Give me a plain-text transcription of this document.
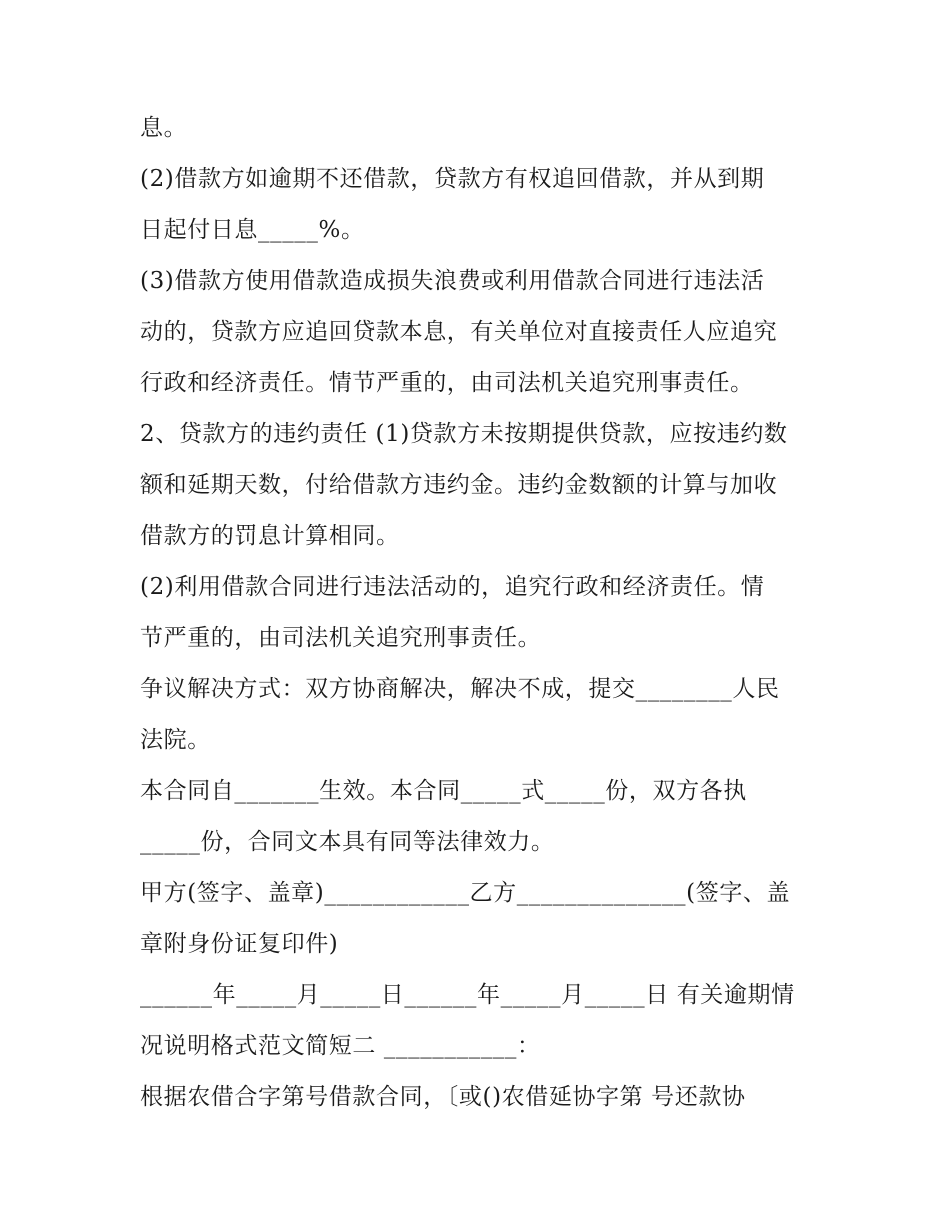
息。
(2)借款方如逾期不还借款，贷款方有权追回借款，并从到期
日起付日息_____%。
(3)借款方使用借款造成损失浪费或利用借款合同进行违法活
动的，贷款方应追回贷款本息，有关单位对直接责任人应追究
行政和经济责任。情节严重的，由司法机关追究刑事责任。
2、贷款方的违约责任 (1)贷款方未按期提供贷款，应按违约数
额和延期天数，付给借款方违约金。违约金数额的计算与加收
借款方的罚息计算相同。
(2)利用借款合同进行违法活动的，追究行政和经济责任。情
节严重的，由司法机关追究刑事责任。
争议解决方式：双方协商解决，解决不成，提交________人民
法院。
本合同自_______生效。本合同_____式_____份，双方各执
_____份，合同文本具有同等法律效力。
甲方(签字、盖章)____________乙方______________(签字、盖
章附身份证复印件)
______年_____月_____日______年_____月_____日 有关逾期情
况说明格式范文简短二 ___________：
根据农借合字第号借款合同，〔或()农借延协字第 号还款协
